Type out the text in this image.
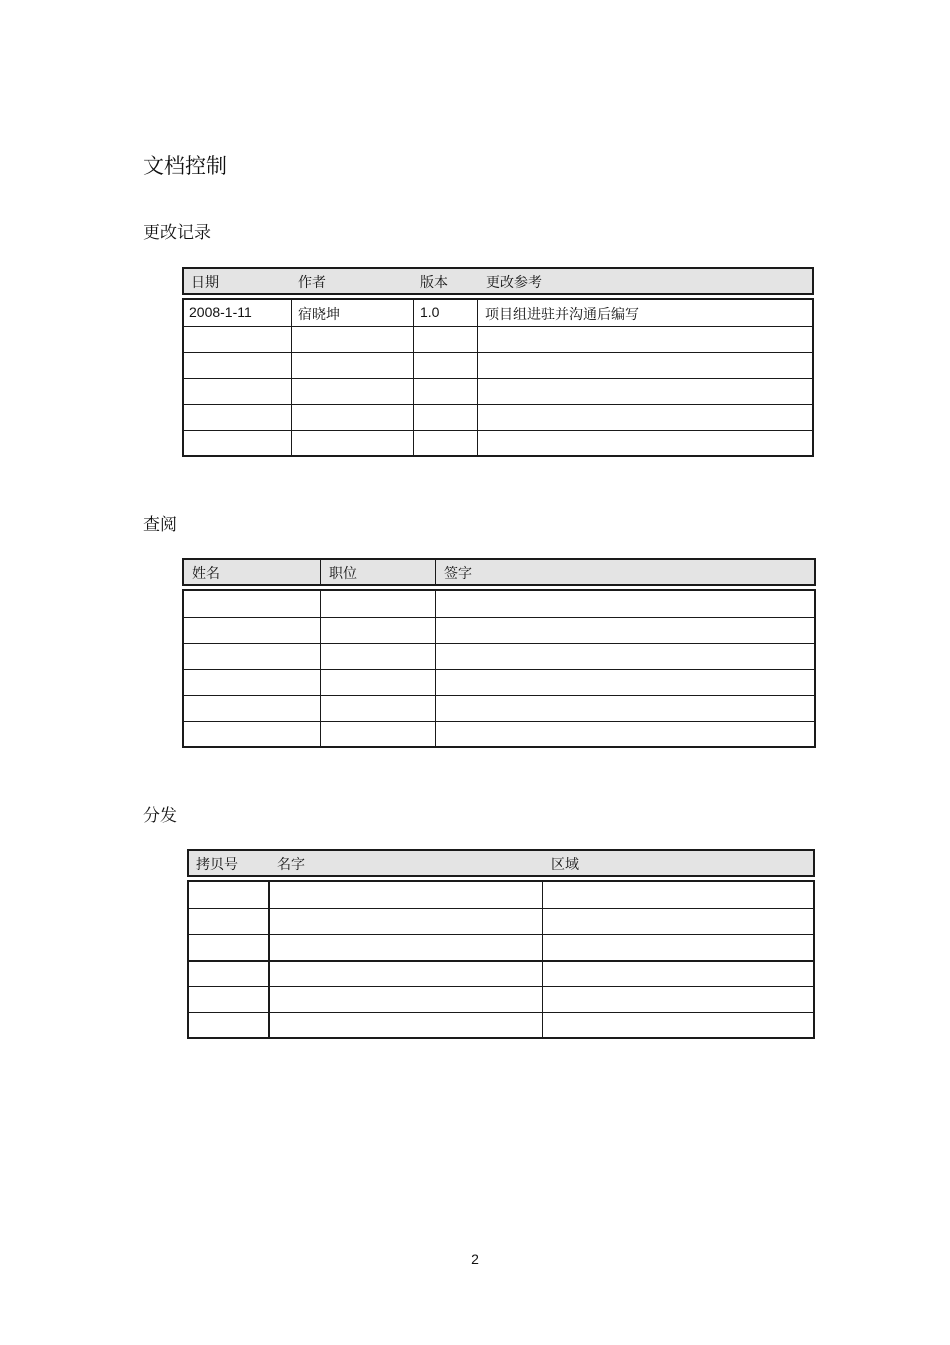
文档控制
更改记录
日期	作者	版本	更改参考
2008-1-11	宿晓坤	1.0	项目组进驻并沟通后编写
查阅
姓名	职位	签字
分发
拷贝号	名字	区域
2
